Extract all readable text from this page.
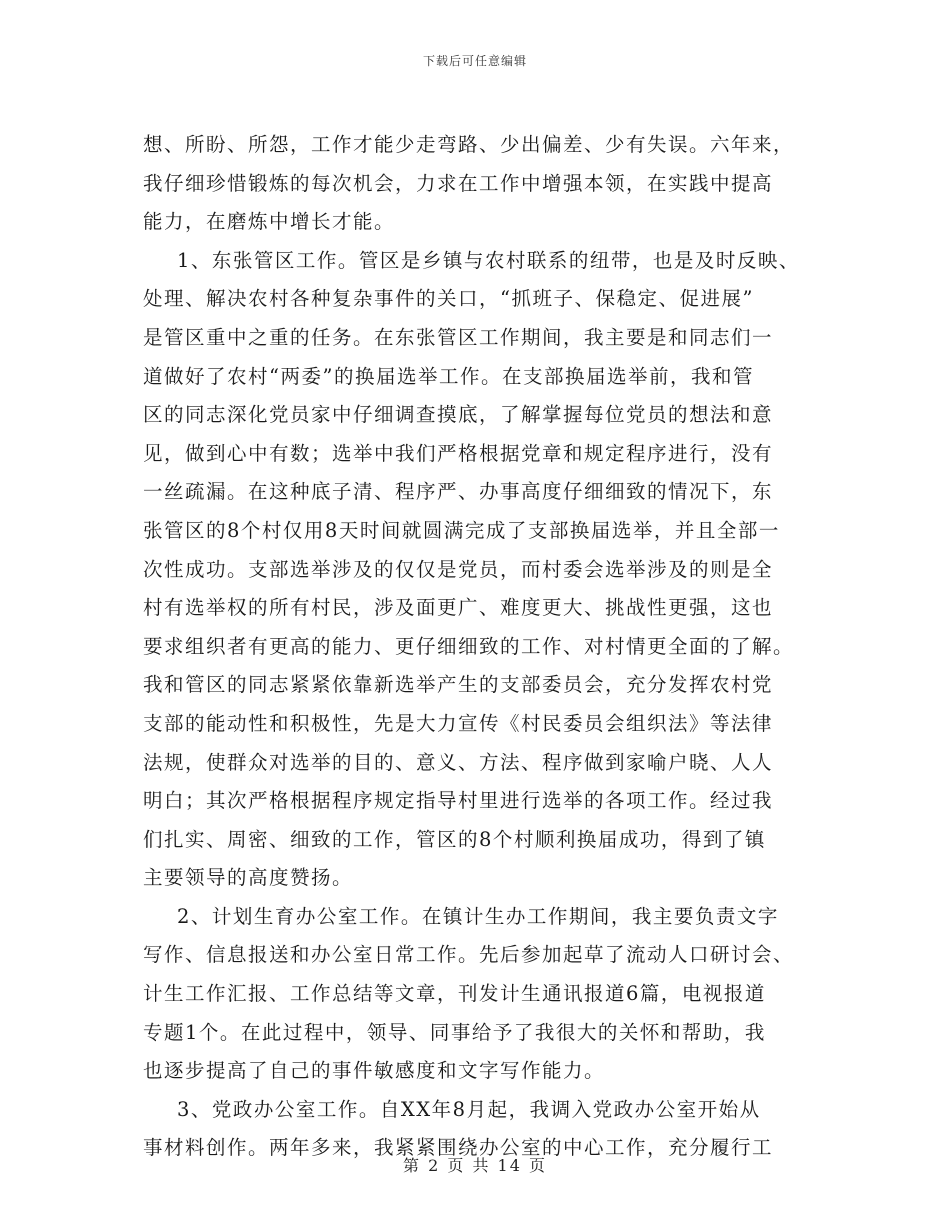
下载后可任意编辑
想、所盼、所怨，工作才能少走弯路、少出偏差、少有失误。六年来，
我仔细珍惜锻炼的每次机会，力求在工作中增强本领，在实践中提高
能力，在磨炼中增长才能。
1、东张管区工作。管区是乡镇与农村联系的纽带，也是及时反映、
处理、解决农村各种复杂事件的关口，“抓班子、保稳定、促进展”
是管区重中之重的任务。在东张管区工作期间，我主要是和同志们一
道做好了农村“两委”的换届选举工作。在支部换届选举前，我和管
区的同志深化党员家中仔细调查摸底，了解掌握每位党员的想法和意
见，做到心中有数；选举中我们严格根据党章和规定程序进行，没有
一丝疏漏。在这种底子清、程序严、办事高度仔细细致的情况下，东
张管区的8个村仅用8天时间就圆满完成了支部换届选举，并且全部一
次性成功。支部选举涉及的仅仅是党员，而村委会选举涉及的则是全
村有选举权的所有村民，涉及面更广、难度更大、挑战性更强，这也
要求组织者有更高的能力、更仔细细致的工作、对村情更全面的了解。
我和管区的同志紧紧依靠新选举产生的支部委员会，充分发挥农村党
支部的能动性和积极性，先是大力宣传《村民委员会组织法》等法律
法规，使群众对选举的目的、意义、方法、程序做到家喻户晓、人人
明白；其次严格根据程序规定指导村里进行选举的各项工作。经过我
们扎实、周密、细致的工作，管区的8个村顺利换届成功，得到了镇
主要领导的高度赞扬。
2、计划生育办公室工作。在镇计生办工作期间，我主要负责文字
写作、信息报送和办公室日常工作。先后参加起草了流动人口研讨会、
计生工作汇报、工作总结等文章，刊发计生通讯报道6篇，电视报道
专题1个。在此过程中，领导、同事给予了我很大的关怀和帮助，我
也逐步提高了自己的事件敏感度和文字写作能力。
3、党政办公室工作。自XX年8月起，我调入党政办公室开始从
事材料创作。两年多来，我紧紧围绕办公室的中心工作，充分履行工
第 2 页 共 14 页
